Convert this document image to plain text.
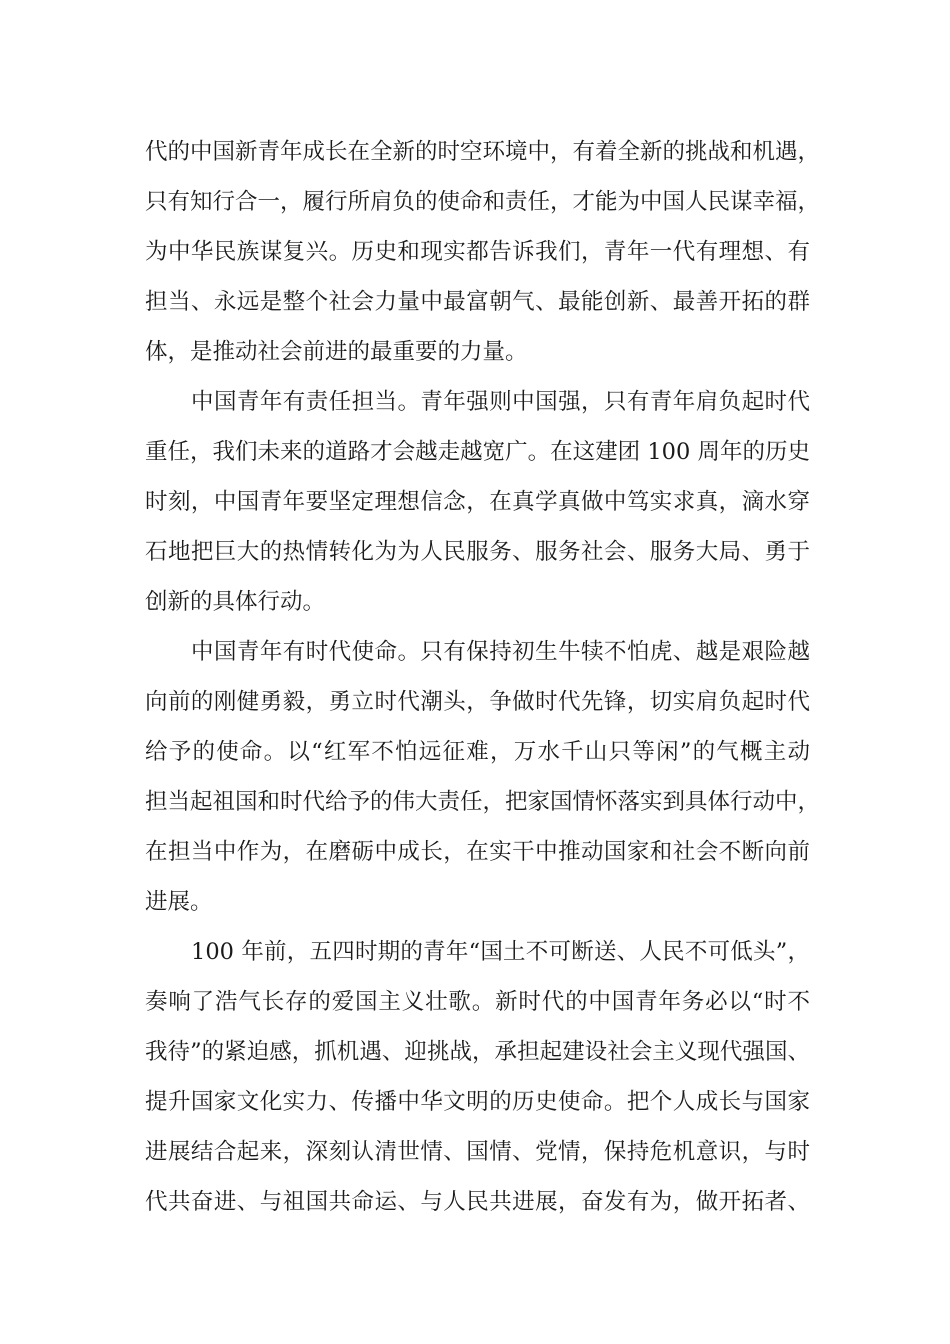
代的中国新青年成长在全新的时空环境中，有着全新的挑战和机遇，
只有知行合一，履行所肩负的使命和责任，才能为中国人民谋幸福，
为中华民族谋复兴。历史和现实都告诉我们，青年一代有理想、有
担当、永远是整个社会力量中最富朝气、最能创新、最善开拓的群
体，是推动社会前进的最重要的力量。
中国青年有责任担当。青年强则中国强，只有青年肩负起时代
重任，我们未来的道路才会越走越宽广。在这建团 100 周年的历史
时刻，中国青年要坚定理想信念，在真学真做中笃实求真，滴水穿
石地把巨大的热情转化为为人民服务、服务社会、服务大局、勇于
创新的具体行动。
中国青年有时代使命。只有保持初生牛犊不怕虎、越是艰险越
向前的刚健勇毅，勇立时代潮头，争做时代先锋，切实肩负起时代
给予的使命。以“红军不怕远征难，万水千山只等闲”的气概主动
担当起祖国和时代给予的伟大责任，把家国情怀落实到具体行动中，
在担当中作为，在磨砺中成长，在实干中推动国家和社会不断向前
进展。
100 年前，五四时期的青年“国土不可断送、人民不可低头”，
奏响了浩气长存的爱国主义壮歌。新时代的中国青年务必以“时不
我待”的紧迫感，抓机遇、迎挑战，承担起建设社会主义现代强国、
提升国家文化实力、传播中华文明的历史使命。把个人成长与国家
进展结合起来，深刻认清世情、国情、党情，保持危机意识，与时
代共奋进、与祖国共命运、与人民共进展，奋发有为，做开拓者、
